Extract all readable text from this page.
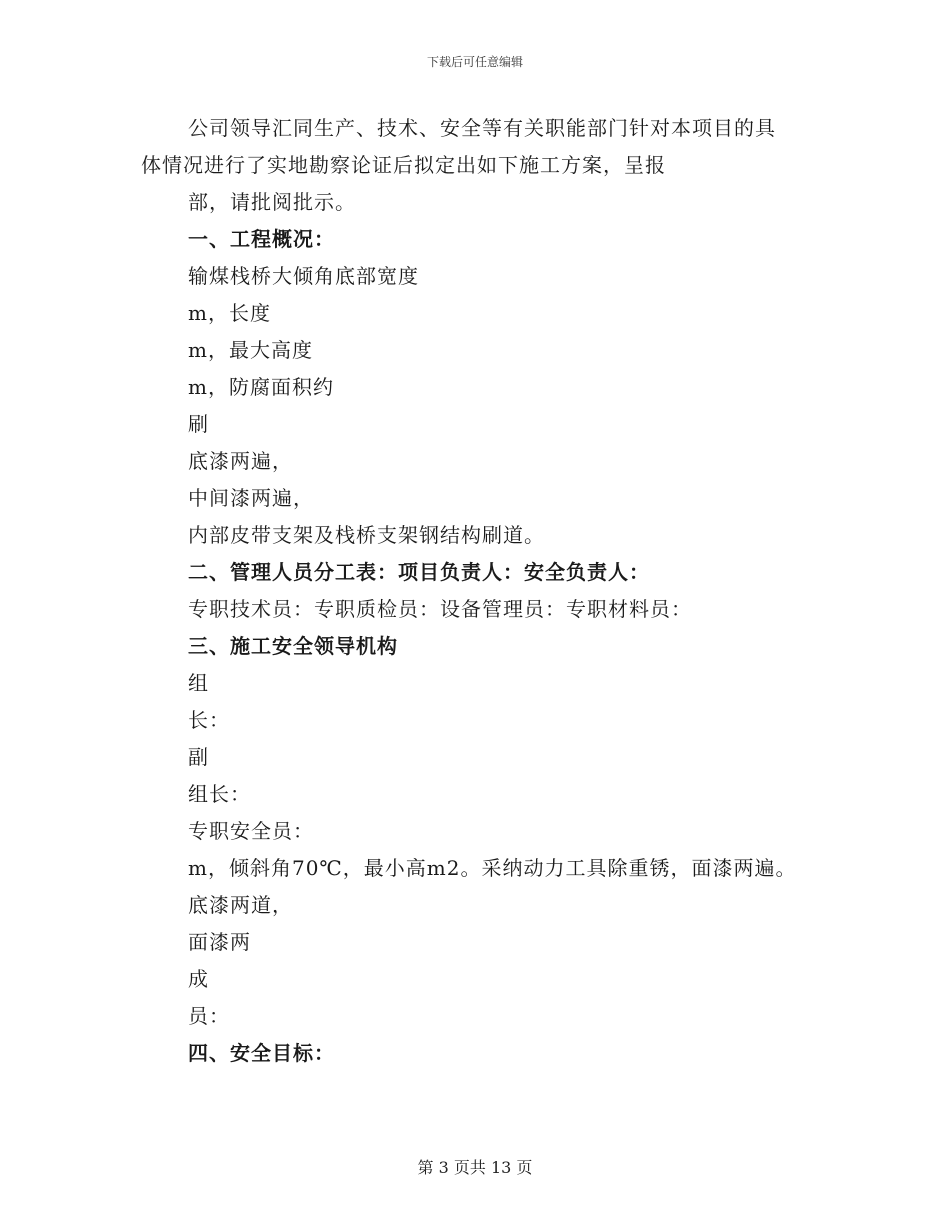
下载后可任意编辑
公司领导汇同生产、技术、安全等有关职能部门针对本项目的具
体情况进行了实地勘察论证后拟定出如下施工方案，呈报
部，请批阅批示。
一、工程概况：
输煤栈桥大倾角底部宽度
m，长度
m，最大高度
m，防腐面积约
刷
底漆两遍，
中间漆两遍，
内部皮带支架及栈桥支架钢结构刷道。
二、管理人员分工表：项目负责人：安全负责人：
专职技术员：专职质检员：设备管理员：专职材料员：
三、施工安全领导机构
组
长：
副
组长：
专职安全员：
m，倾斜角70℃，最小高m2。采纳动力工具除重锈，面漆两遍。
底漆两道，
面漆两
成
员：
四、安全目标：
第 3 页共 13 页
